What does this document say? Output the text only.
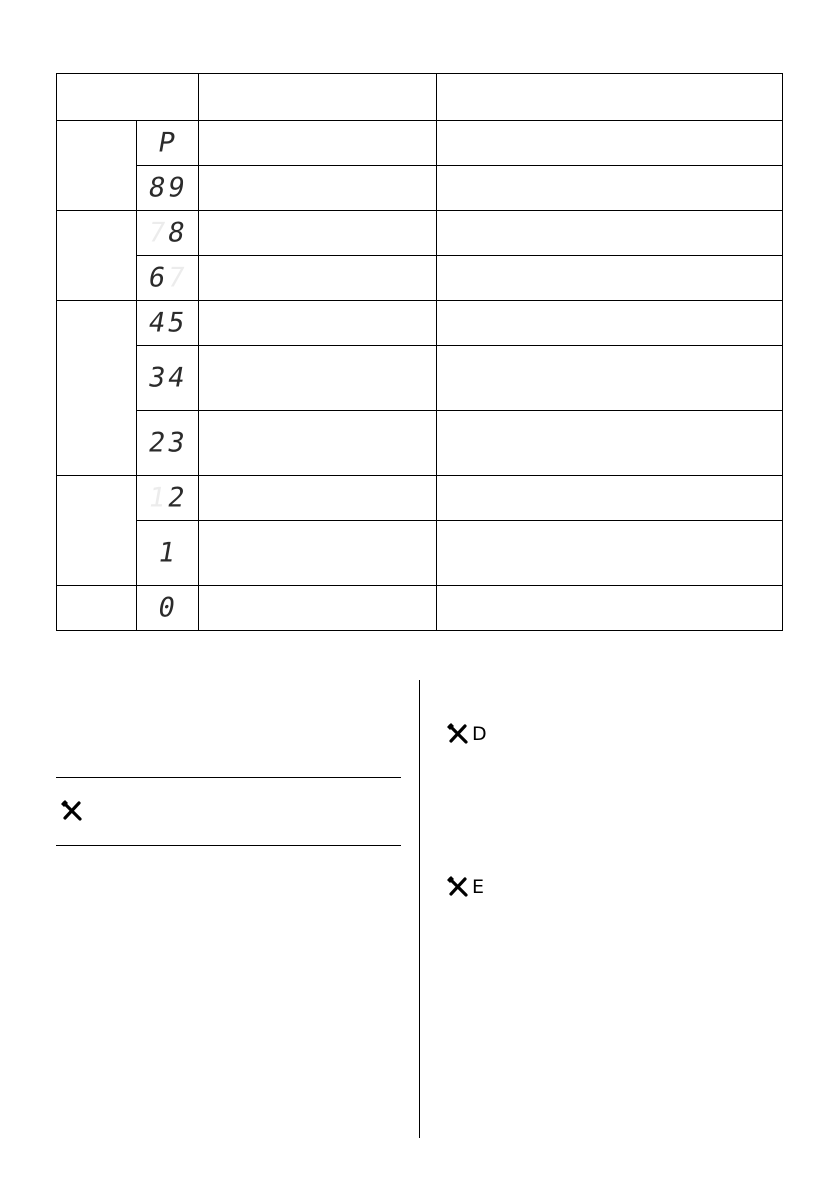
	P		

	89		

	78		

	67		

	45		

	34		

	23		

	12		

	1		

	0		

D
E
